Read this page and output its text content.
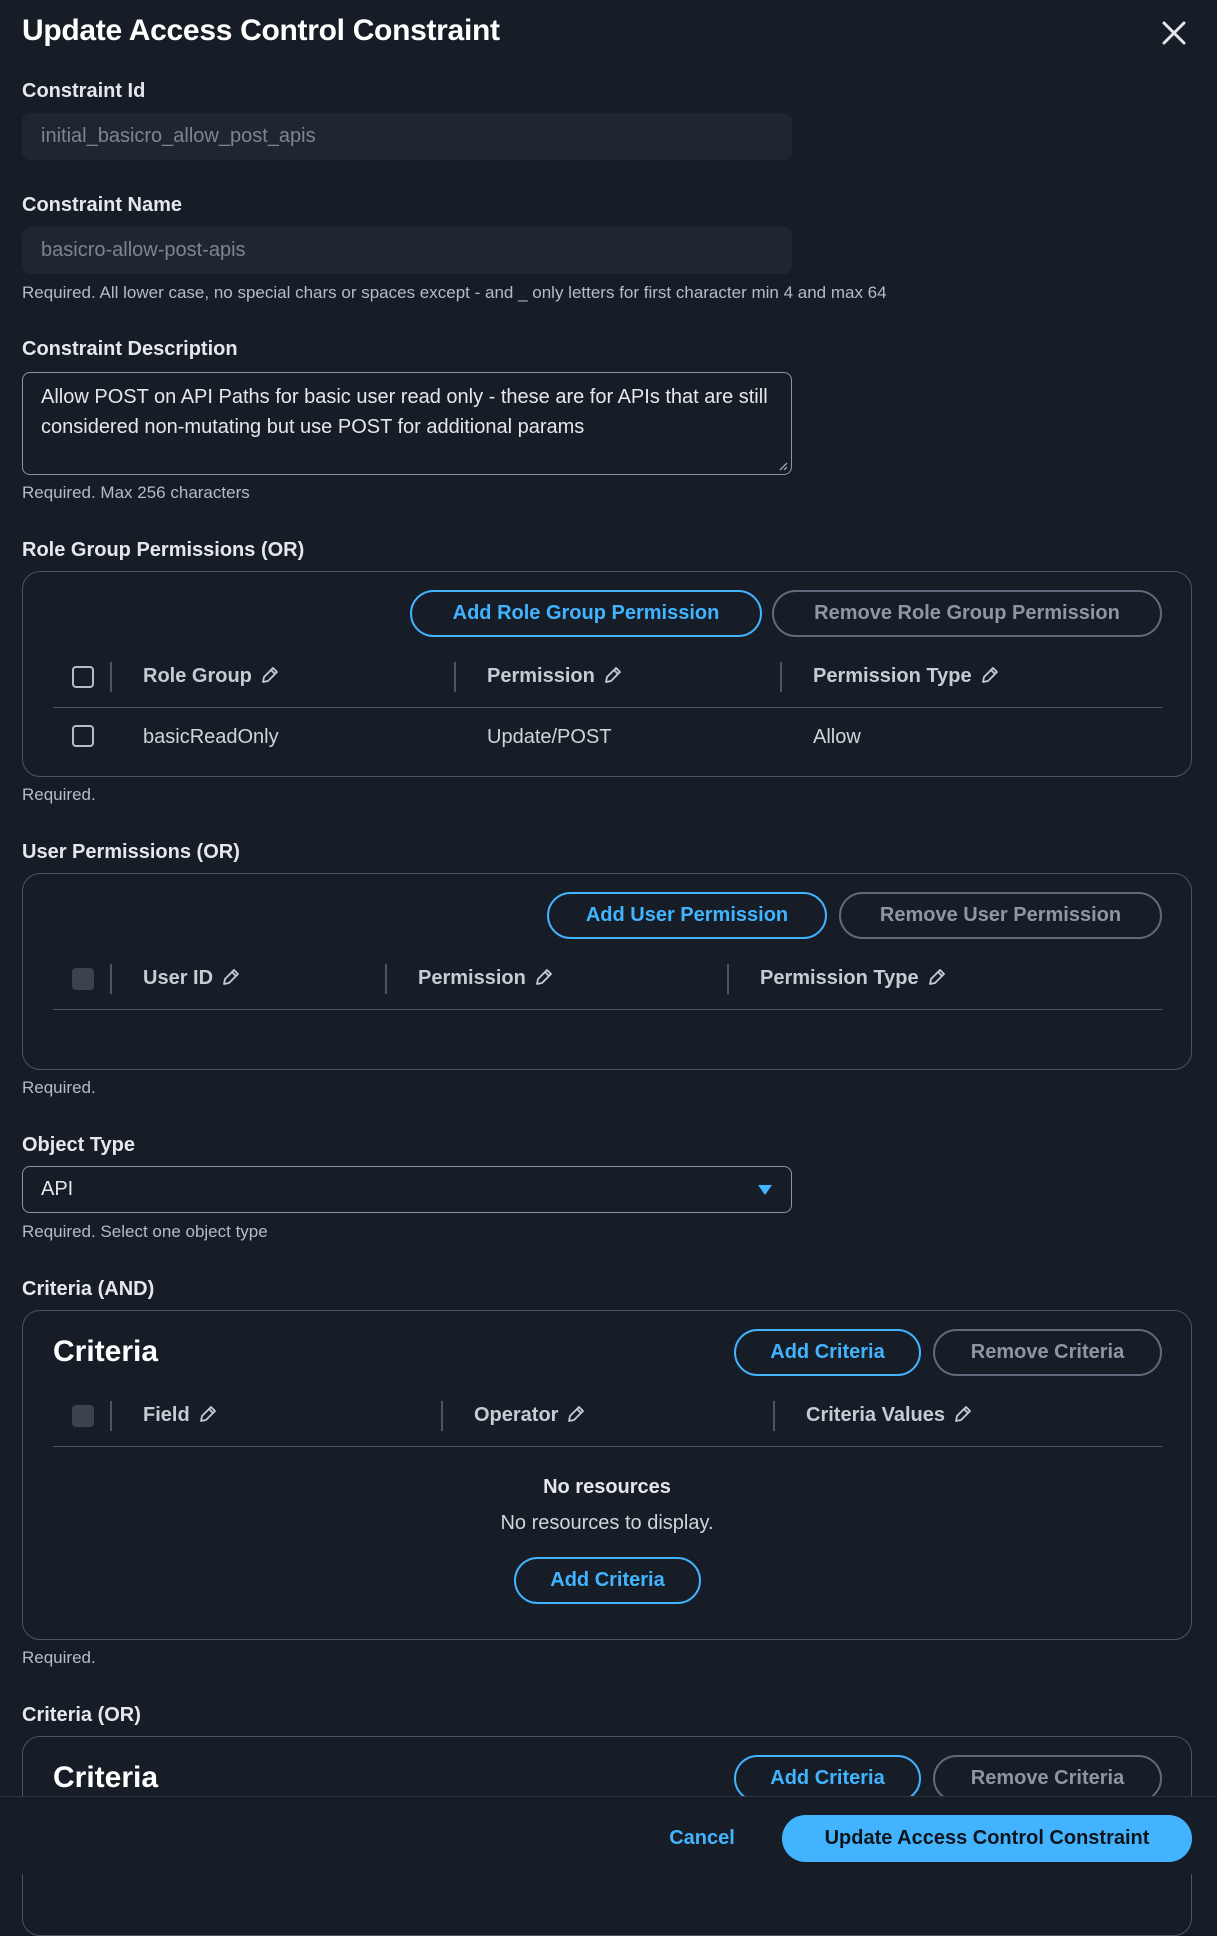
Update Access Control Constraint
Constraint Id
initial_basicro_allow_post_apis
Constraint Name
basicro-allow-post-apis
Required. All lower case, no special chars or spaces except - and _ only letters for first character min 4 and max 64
Constraint Description
Allow POST on API Paths for basic user read only - these are for APIs that are still considered non-mutating but use POST for additional params
Required. Max 256 characters
Role Group Permissions (OR)
Add Role Group Permission	Remove Role Group Permission
Role Group	Permission	Permission Type
basicReadOnly	Update/POST	Allow
Required.
User Permissions (OR)
Add User Permission	Remove User Permission
User ID	Permission	Permission Type
Required.
Object Type
API
Required. Select one object type
Criteria (AND)
Criteria	Add Criteria	Remove Criteria
Field	Operator	Criteria Values
No resources
No resources to display.
Add Criteria
Required.
Criteria (OR)
Criteria	Add Criteria	Remove Criteria
Cancel	Update Access Control Constraint
